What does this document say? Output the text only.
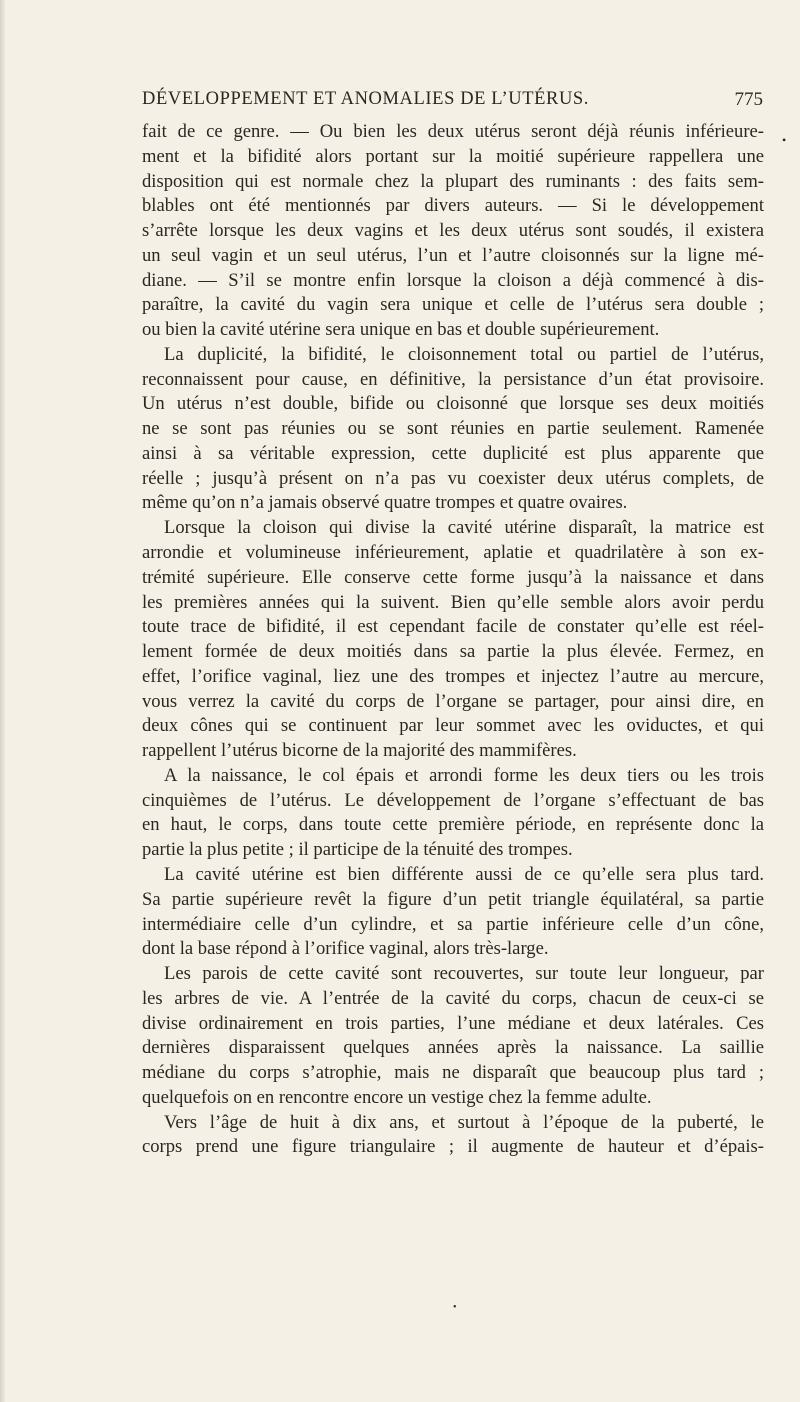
DÉVELOPPEMENT ET ANOMALIES DE L’UTÉRUS.	775
fait de ce genre. — Ou bien les deux utérus seront déjà réunis inférieure-
ment et la bifidité alors portant sur la moitié supérieure rappellera une
disposition qui est normale chez la plupart des ruminants : des faits sem-
blables ont été mentionnés par divers auteurs. — Si le développement
s’arrête lorsque les deux vagins et les deux utérus sont soudés, il existera
un seul vagin et un seul utérus, l’un et l’autre cloisonnés sur la ligne mé-
diane. — S’il se montre enfin lorsque la cloison a déjà commencé à dis-
paraître, la cavité du vagin sera unique et celle de l’utérus sera double ;
ou bien la cavité utérine sera unique en bas et double supérieurement.
La duplicité, la bifidité, le cloisonnement total ou partiel de l’utérus,
reconnaissent pour cause, en définitive, la persistance d’un état provisoire.
Un utérus n’est double, bifide ou cloisonné que lorsque ses deux moitiés
ne se sont pas réunies ou se sont réunies en partie seulement. Ramenée
ainsi à sa véritable expression, cette duplicité est plus apparente que
réelle ; jusqu’à présent on n’a pas vu coexister deux utérus complets, de
même qu’on n’a jamais observé quatre trompes et quatre ovaires.
Lorsque la cloison qui divise la cavité utérine disparaît, la matrice est
arrondie et volumineuse inférieurement, aplatie et quadrilatère à son ex-
trémité supérieure. Elle conserve cette forme jusqu’à la naissance et dans
les premières années qui la suivent. Bien qu’elle semble alors avoir perdu
toute trace de bifidité, il est cependant facile de constater qu’elle est réel-
lement formée de deux moitiés dans sa partie la plus élevée. Fermez, en
effet, l’orifice vaginal, liez une des trompes et injectez l’autre au mercure,
vous verrez la cavité du corps de l’organe se partager, pour ainsi dire, en
deux cônes qui se continuent par leur sommet avec les oviductes, et qui
rappellent l’utérus bicorne de la majorité des mammifères.
A la naissance, le col épais et arrondi forme les deux tiers ou les trois
cinquièmes de l’utérus. Le développement de l’organe s’effectuant de bas
en haut, le corps, dans toute cette première période, en représente donc la
partie la plus petite ; il participe de la ténuité des trompes.
La cavité utérine est bien différente aussi de ce qu’elle sera plus tard.
Sa partie supérieure revêt la figure d’un petit triangle équilatéral, sa partie
intermédiaire celle d’un cylindre, et sa partie inférieure celle d’un cône,
dont la base répond à l’orifice vaginal, alors très-large.
Les parois de cette cavité sont recouvertes, sur toute leur longueur, par
les arbres de vie. A l’entrée de la cavité du corps, chacun de ceux-ci se
divise ordinairement en trois parties, l’une médiane et deux latérales. Ces
dernières disparaissent quelques années après la naissance. La saillie
médiane du corps s’atrophie, mais ne disparaît que beaucoup plus tard ;
quelquefois on en rencontre encore un vestige chez la femme adulte.
Vers l’âge de huit à dix ans, et surtout à l’époque de la puberté, le
corps prend une figure triangulaire ; il augmente de hauteur et d’épais-
•
•
